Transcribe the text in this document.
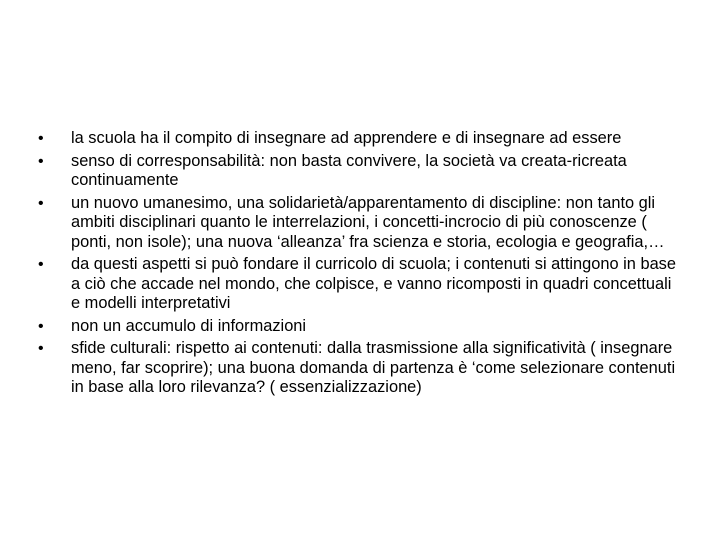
•	la scuola ha il compito di insegnare ad apprendere e di insegnare ad essere
•	senso di corresponsabilità: non basta convivere, la società va creata-ricreata continuamente
•	un nuovo umanesimo, una solidarietà/apparentamento di discipline: non tanto gli ambiti disciplinari quanto le interrelazioni, i concetti-incrocio di più conoscenze ( ponti, non isole); una nuova ‘alleanza’ fra scienza e storia, ecologia e geografia,…
•	da questi aspetti si può fondare il curricolo di scuola; i contenuti si attingono in base a ciò che accade nel mondo, che colpisce, e vanno ricomposti in quadri concettuali e modelli interpretativi
•	non un accumulo di informazioni
•	sfide culturali: rispetto ai contenuti: dalla trasmissione alla significatività ( insegnare meno, far scoprire); una buona domanda di partenza è ‘come selezionare contenuti in base alla loro rilevanza? ( essenzializzazione)
